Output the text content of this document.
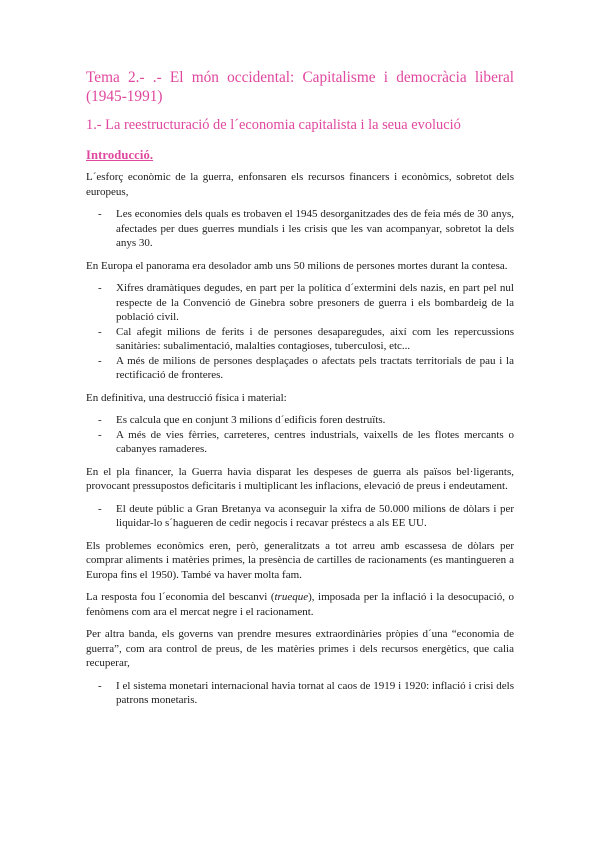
Tema 2.- .- El món occidental: Capitalisme i democràcia liberal (1945-1991)
1.- La reestructuració de l´economia capitalista i la seua evolució
Introducció.

L´esforç econòmic de la guerra, enfonsaren els recursos financers i econòmics, sobretot dels europeus,

- Les economies dels quals es trobaven el 1945 desorganitzades des de feia més de 30 anys, afectades per dues guerres mundials i les crisis que les van acompanyar, sobretot la dels anys 30.

En Europa el panorama era desolador amb uns 50 milions de persones mortes durant la contesa.

- Xifres dramàtiques degudes, en part per la política d´extermini dels nazis, en part pel nul respecte de la Convenció de Ginebra sobre presoners de guerra i els bombardeig de la població civil.
- Cal afegit milions de ferits i de persones desaparegudes, així com les repercussions sanitàries: subalimentació, malalties contagioses, tuberculosi, etc...
- A més de milions de persones desplaçades o afectats pels tractats territorials de pau i la rectificació de fronteres.

En definitiva, una destrucció física i material:

- Es calcula que en conjunt 3 milions d´edificis foren destruïts.
- A més de vies fèrries, carreteres, centres industrials, vaixells de les flotes mercants o cabanyes ramaderes.

En el pla financer, la Guerra havia disparat les despeses de guerra als països bel·ligerants, provocant pressupostos deficitaris i multiplicant les inflacions, elevació de preus i endeutament.

- El deute públic a Gran Bretanya va aconseguir la xifra de 50.000 milions de dòlars i per liquidar-lo s´hagueren de cedir negocis i recavar préstecs a als EE UU.

Els problemes econòmics eren, però, generalitzats a tot arreu amb escassesa de dòlars per comprar aliments i matèries primes, la presència de cartilles de racionaments (es mantingueren a Europa fins el 1950). També va haver molta fam.

La resposta fou l´economia del bescanvi (trueque), imposada per la inflació i la desocupació, o fenòmens com ara el mercat negre i el racionament.

Per altra banda, els governs van prendre mesures extraordinàries pròpies d´una “economia de guerra”, com ara control de preus, de les matèries primes i dels recursos energètics, que calia recuperar,

- I el sistema monetari internacional havia tornat al caos de 1919 i 1920: inflació i crisi dels patrons monetaris.
